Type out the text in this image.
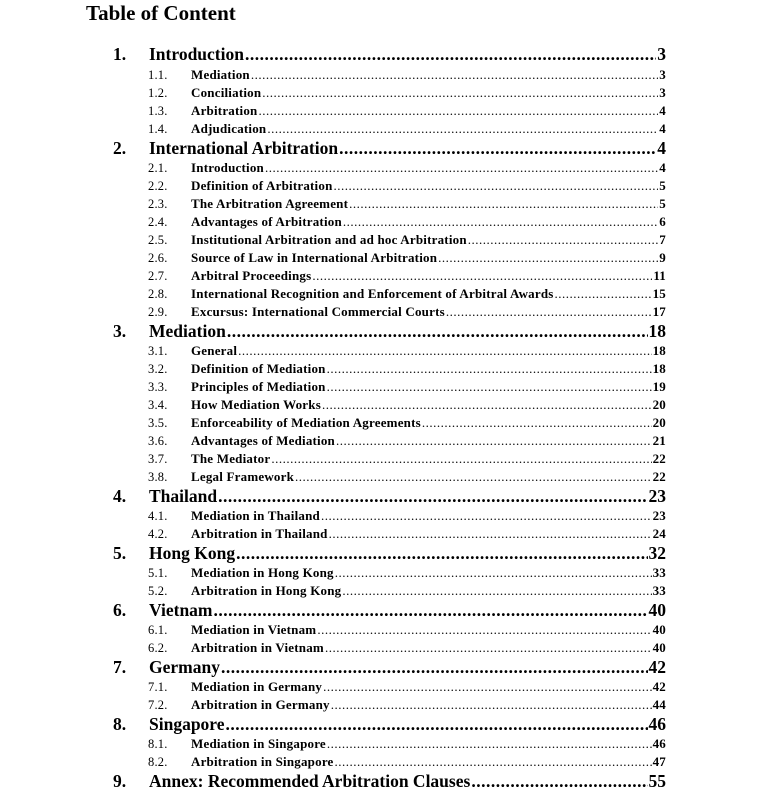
Table of Content
1. Introduction .....	3
1.1. Mediation .....	3
1.2. Conciliation .....	3
1.3. Arbitration .....	4
1.4. Adjudication .....	4
2. International Arbitration .....	4
2.1. Introduction .....	4
2.2. Definition of Arbitration .....	5
2.3. The Arbitration Agreement .....	5
2.4. Advantages of Arbitration .....	6
2.5. Institutional Arbitration and ad hoc Arbitration .....	7
2.6. Source of Law in International Arbitration .....	9
2.7. Arbitral Proceedings .....	11
2.8. International Recognition and Enforcement of Arbitral Awards .....	15
2.9. Excursus: International Commercial Courts .....	17
3. Mediation .....	18
3.1. General .....	18
3.2. Definition of Mediation .....	18
3.3. Principles of Mediation .....	19
3.4. How Mediation Works .....	20
3.5. Enforceability of Mediation Agreements .....	20
3.6. Advantages of Mediation .....	21
3.7. The Mediator .....	22
3.8. Legal Framework .....	22
4. Thailand .....	23
4.1. Mediation in Thailand .....	23
4.2. Arbitration in Thailand .....	24
5. Hong Kong .....	32
5.1. Mediation in Hong Kong .....	33
5.2. Arbitration in Hong Kong .....	33
6. Vietnam .....	40
6.1. Mediation in Vietnam .....	40
6.2. Arbitration in Vietnam .....	40
7. Germany .....	42
7.1. Mediation in Germany .....	42
7.2. Arbitration in Germany .....	44
8. Singapore .....	46
8.1. Mediation in Singapore .....	46
8.2. Arbitration in Singapore .....	47
9. Annex: Recommended Arbitration Clauses .....	55
